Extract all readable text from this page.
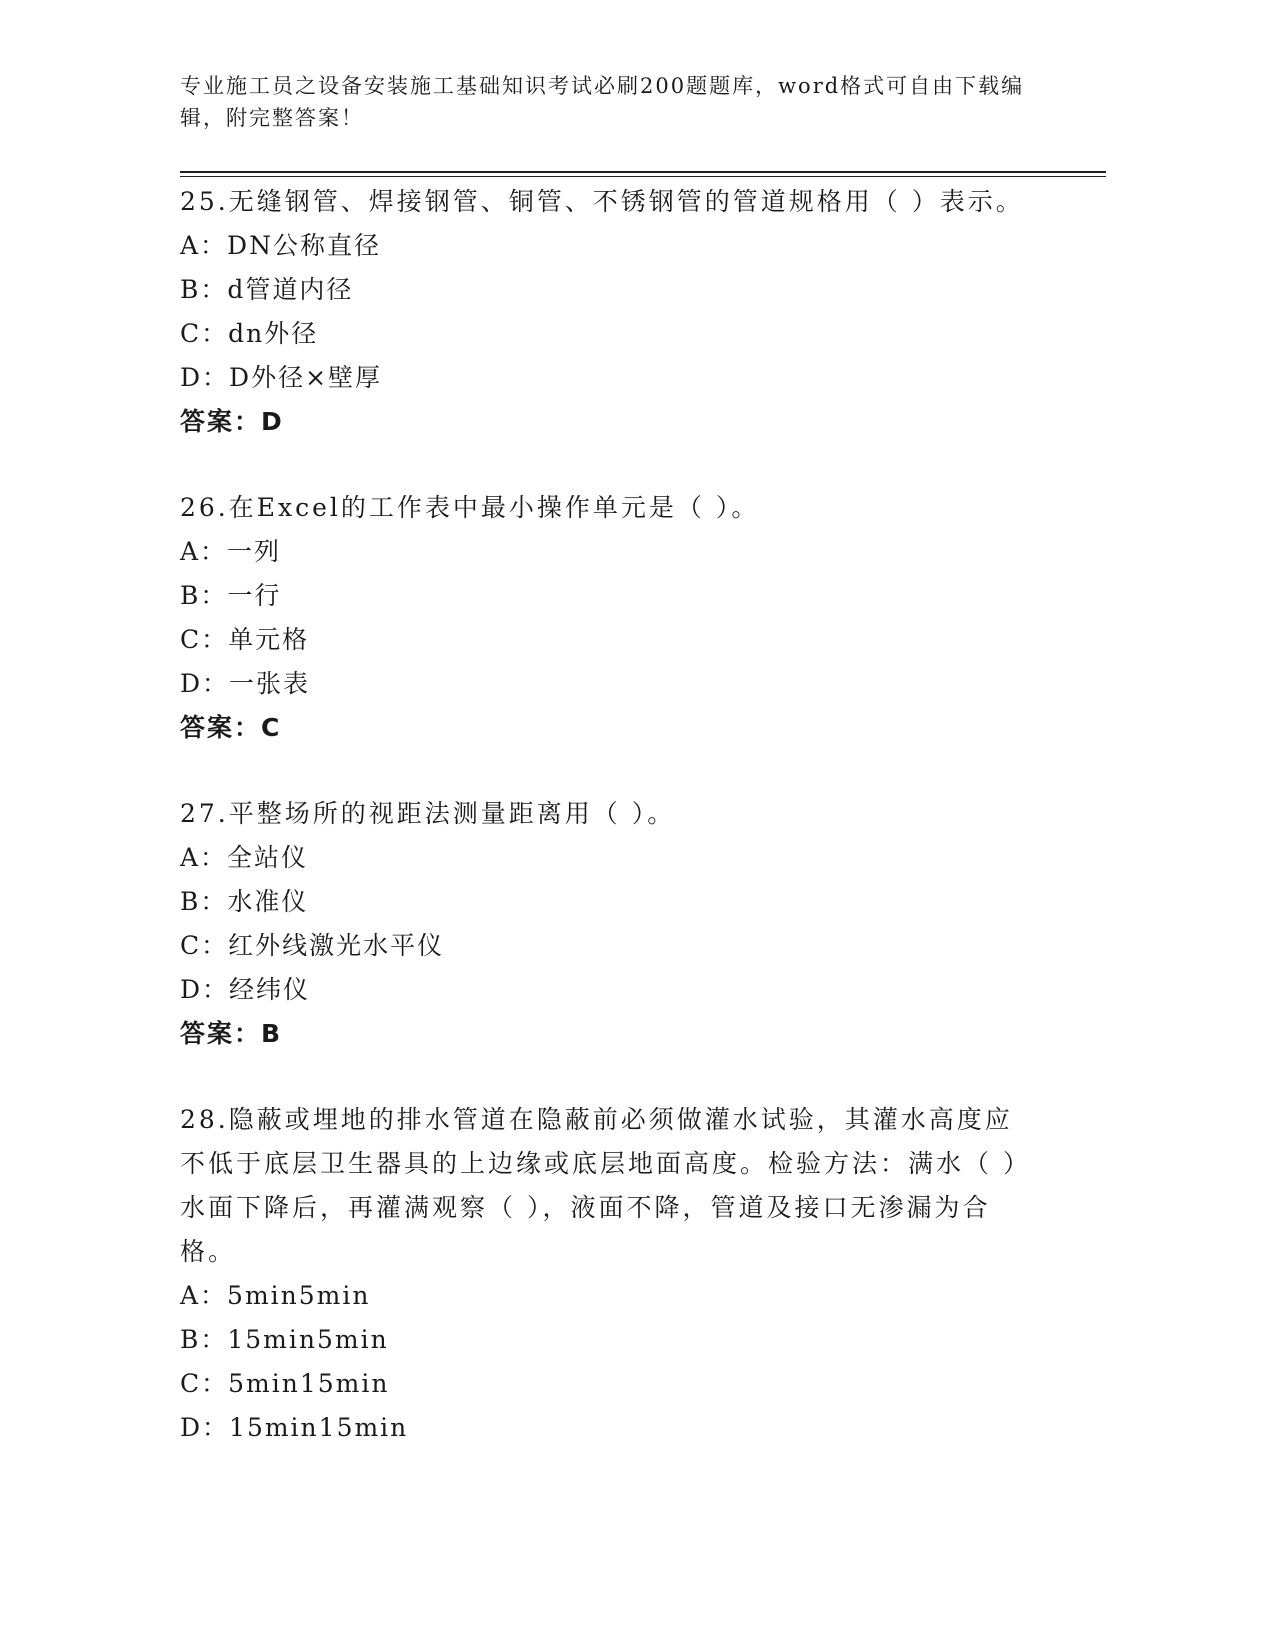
专业施工员之设备安装施工基础知识考试必刷200题题库，word格式可自由下载编辑，附完整答案！

25.无缝钢管、焊接钢管、铜管、不锈钢管的管道规格用（ ）表示。

A：DN公称直径

B：d管道内径

C：dn外径

D：D外径×壁厚

答案：D

26.在Excel的工作表中最小操作单元是（ ）。

A：一列

B：一行

C：单元格

D：一张表

答案：C

27.平整场所的视距法测量距离用（ ）。

A：全站仪

B：水准仪

C：红外线激光水平仪

D：经纬仪

答案：B

28.隐蔽或埋地的排水管道在隐蔽前必须做灌水试验，其灌水高度应不低于底层卫生器具的上边缘或底层地面高度。检验方法：满水（ ）水面下降后，再灌满观察（ ），液面不降，管道及接口无渗漏为合格。

A：5min5min

B：15min5min

C：5min15min

D：15min15min
